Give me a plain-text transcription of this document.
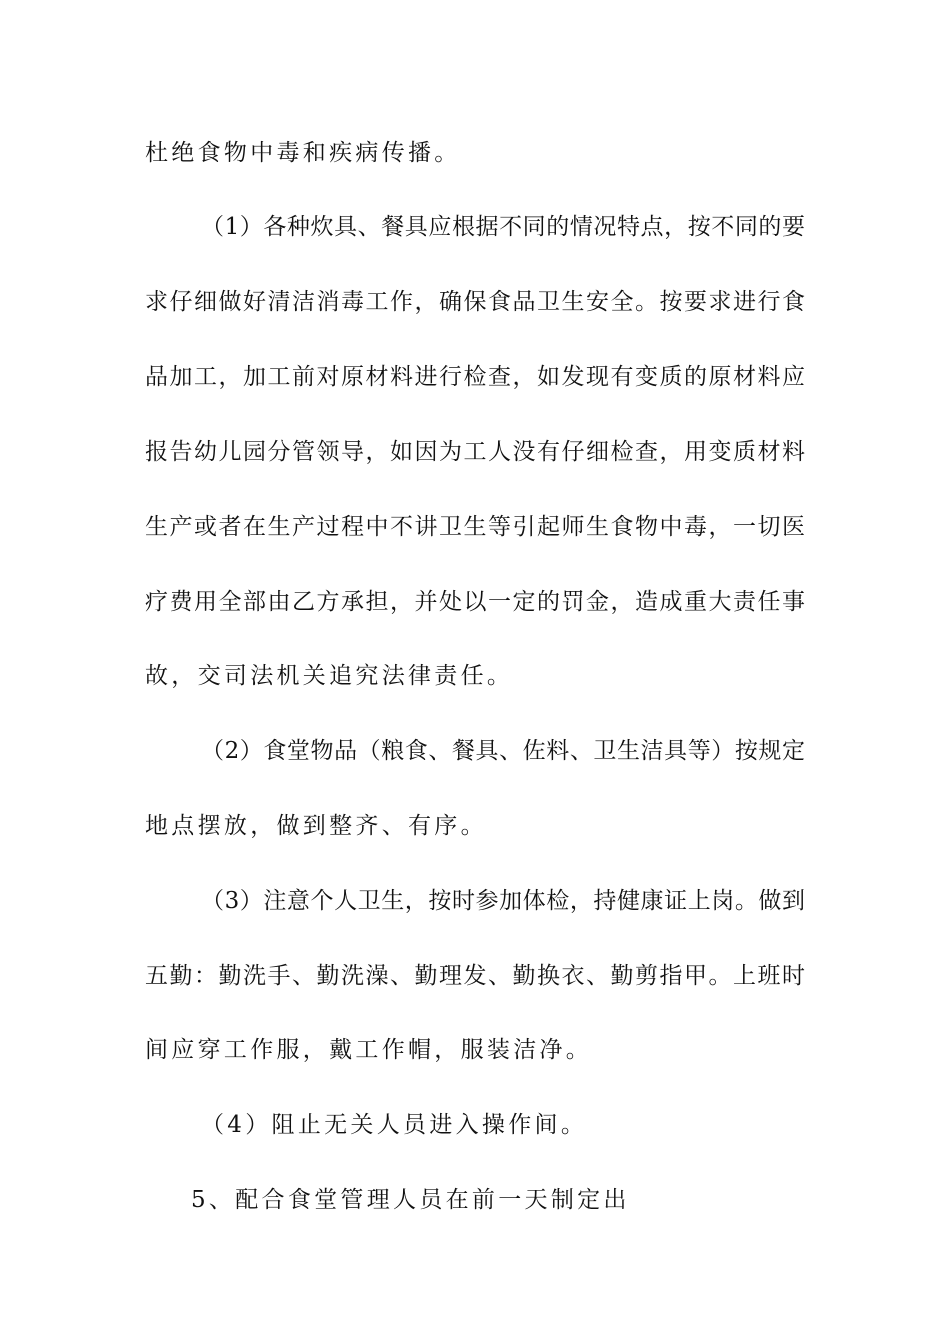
杜绝食物中毒和疾病传播。
（1）各种炊具、餐具应根据不同的情况特点，按不同的要
求仔细做好清洁消毒工作，确保食品卫生安全。按要求进行食
品加工，加工前对原材料进行检查，如发现有变质的原材料应
报告幼儿园分管领导，如因为工人没有仔细检查，用变质材料
生产或者在生产过程中不讲卫生等引起师生食物中毒，一切医
疗费用全部由乙方承担，并处以一定的罚金，造成重大责任事
故，交司法机关追究法律责任。
（2）食堂物品（粮食、餐具、佐料、卫生洁具等）按规定
地点摆放，做到整齐、有序。
（3）注意个人卫生，按时参加体检，持健康证上岗。做到
五勤：勤洗手、勤洗澡、勤理发、勤换衣、勤剪指甲。上班时
间应穿工作服，戴工作帽，服装洁净。
（4）阻止无关人员进入操作间。
5、配合食堂管理人员在前一天制定出
